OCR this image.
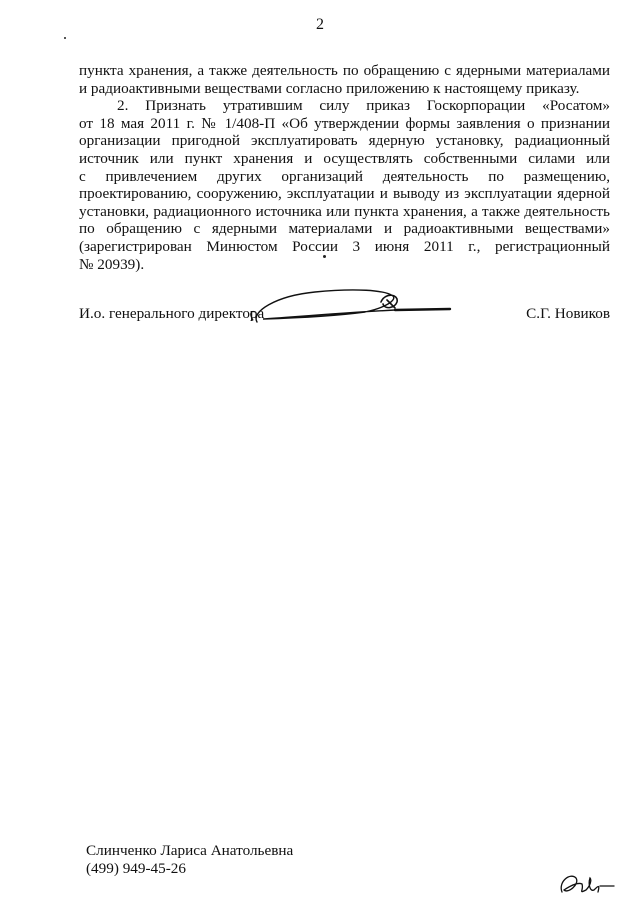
2
пункта хранения, а также деятельность по обращению с ядерными материалами
и радиоактивными веществами согласно приложению к настоящему приказу.
2. Признать утратившим силу приказ Госкорпорации «Росатом»
от 18 мая 2011 г. № 1/408-П «Об утверждении формы заявления о признании
организации пригодной эксплуатировать ядерную установку, радиационный
источник или пункт хранения и осуществлять собственными силами или
с привлечением других организаций деятельность по размещению,
проектированию, сооружению, эксплуатации и выводу из эксплуатации ядерной
установки, радиационного источника или пункта хранения, а также деятельность
по обращению с ядерными материалами и радиоактивными веществами»
(зарегистрирован Минюстом России 3 июня 2011 г., регистрационный
№ 20939).
И.о. генерального директора	С.Г. Новиков
Слинченко Лариса Анатольевна
(499) 949-45-26
